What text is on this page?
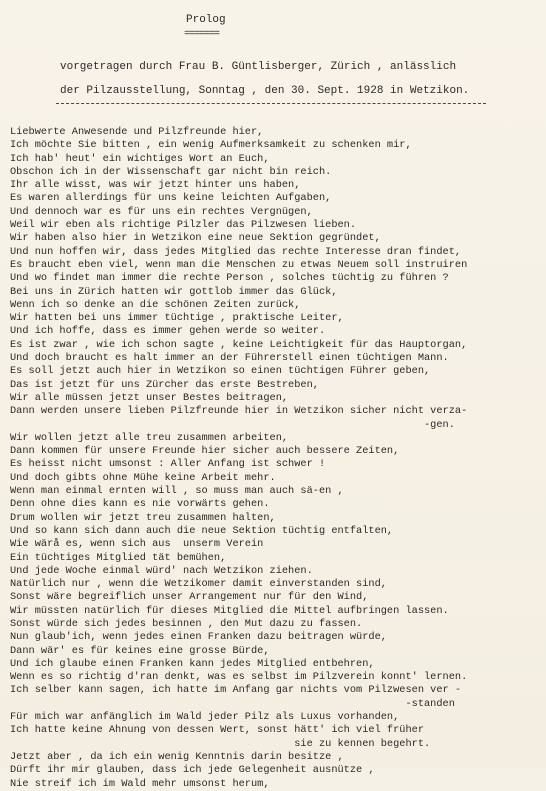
Prolog
=======
vorgetragen durch Frau B. Güntlisberger, Zürich , anlässlich
der Pilzausstellung, Sonntag , den 30. Sept. 1928 in Wetzikon.
Liebwerte Anwesende und Pilzfreunde hier,
Ich möchte Sie bitten , ein wenig Aufmerksamkeit zu schenken mir,
Ich hab' heut' ein wichtiges Wort an Euch,
Obschon ich in der Wissenschaft gar nicht bin reich.
Ihr alle wisst, was wir jetzt hinter uns haben,
Es waren allerdings für uns keine leichten Aufgaben,
Und dennoch war es für uns ein rechtes Vergnügen,
Weil wir eben als richtige Pilzler das Pilzwesen lieben.
Wir haben also hier in Wetzikon eine neue Sektion gegründet,
Und nun hoffen wir, dass jedes Mitglied das rechte Interesse dran findet,
Es braucht eben viel, wenn man die Menschen zu etwas Neuem soll instruiren
Und wo findet man immer die rechte Person , solches tüchtig zu führen ?
Bei uns in Zürich hatten wir gottlob immer das Glück,
Wenn ich so denke an die schönen Zeiten zurück,
Wir hatten bei uns immer tüchtige , praktische Leiter,
Und ich hoffe, dass es immer gehen werde so weiter.
Es ist zwar , wie ich schon sagte , keine Leichtigkeit für das Hauptorgan,
Und doch braucht es halt immer an der Führerstell einen tüchtigen Mann.
Es soll jetzt auch hier in Wetzikon so einen tüchtigen Führer geben,
Das ist jetzt für uns Zürcher das erste Bestreben,
Wir alle müssen jetzt unser Bestes beitragen,
Dann werden unsere lieben Pilzfreunde hier in Wetzikon sicher nicht verza-
-gen.
Wir wollen jetzt alle treu zusammen arbeiten,
Dann kommen für unsere Freunde hier sicher auch bessere Zeiten,
Es heisst nicht umsonst : Aller Anfang ist schwer !
Und doch gibts ohne Mühe keine Arbeit mehr.
Wenn man einmal ernten will , so muss man auch sä-en ,
Denn ohne dies kann es nie vorwärts gehen.
Drum wollen wir jetzt treu zusammen halten,
Und so kann sich dann auch die neue Sektion tüchtig entfalten,
Wie wärå es, wenn sich aus  unserm Verein
Ein tüchtiges Mitglied tät bemühen,
Und jede Woche einmal würd' nach Wetzikon ziehen.
Natürlich nur , wenn die Wetzikomer damit einverstanden sind,
Sonst wäre begreiflich unser Arrangement nur für den Wind,
Wir müssten natürlich für dieses Mitglied die Mittel aufbringen lassen.
Sonst würde sich jedes besinnen , den Mut dazu zu fassen.
Nun glaub'ich, wenn jedes einen Franken dazu beitragen würde,
Dann wär' es für keines eine grosse Bürde,
Und ich glaube einen Franken kann jedes Mitglied entbehren,
Wenn es so richtig d'ran denkt, was es selbst im Pilzverein konnt' lernen.
Ich selber kann sagen, ich hatte im Anfang gar nichts vom Pilzwesen ver -
-standen
Für mich war anfänglich im Wald jeder Pilz als Luxus vorhanden,
Ich hatte keine Ahnung von dessen Wert, sonst hätt' ich viel früher
sie zu kennen begehrt.
Jetzt aber , da ich ein wenig Kenntnis darin besitze ,
Dürft ihr mir glauben, dass ich jede Gelegenheit ausnütze ,
Nie streif ich im Wald mehr umsonst herum,
